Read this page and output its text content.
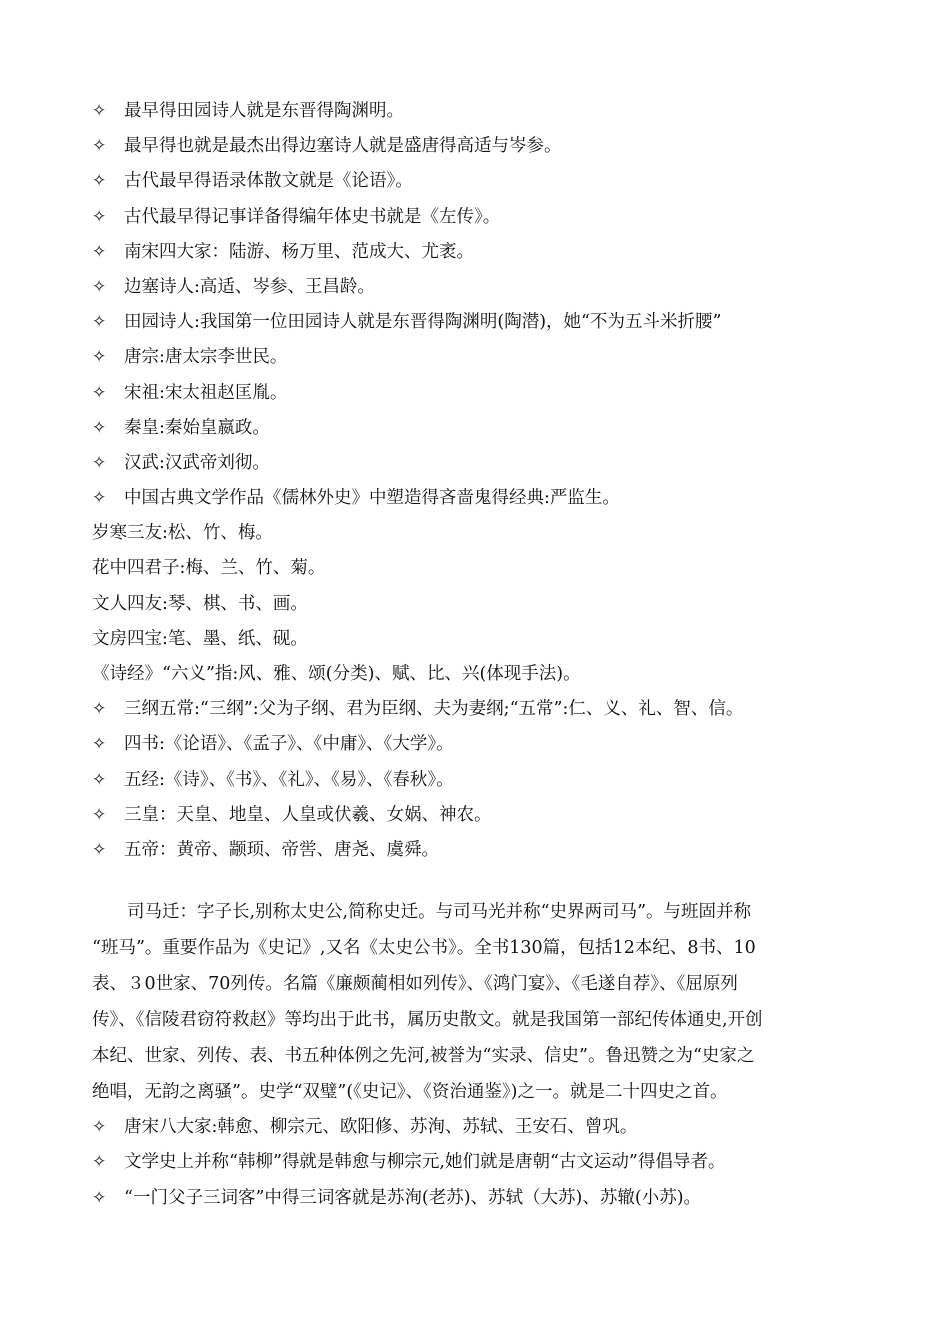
✧	最早得田园诗人就是东晋得陶渊明。
✧	最早得也就是最杰出得边塞诗人就是盛唐得高适与岑参。
✧	古代最早得语录体散文就是《论语》。
✧	古代最早得记事详备得编年体史书就是《左传》。
✧	南宋四大家：陆游、杨万里、范成大、尤袤。
✧	边塞诗人:高适、岑参、王昌龄。
✧	田园诗人:我国第一位田园诗人就是东晋得陶渊明(陶潜)，她“不为五斗米折腰”
✧	唐宗:唐太宗李世民。
✧	宋祖:宋太祖赵匡胤。
✧	秦皇:秦始皇嬴政。
✧	汉武:汉武帝刘彻。
✧	中国古典文学作品《儒林外史》中塑造得吝啬鬼得经典:严监生。
岁寒三友:松、竹、梅。
花中四君子:梅、兰、竹、菊。
文人四友:琴、棋、书、画。
文房四宝:笔、墨、纸、砚。
《诗经》“六义”指:风、雅、颂(分类)、赋、比、兴(体现手法)。
✧	三纲五常:“三纲”:父为子纲、君为臣纲、夫为妻纲;“五常”:仁、义、礼、智、信。
✧	四书:《论语》、《孟子》、《中庸》、《大学》。
✧	五经:《诗》、《书》、《礼》、《易》、《春秋》。
✧	三皇：天皇、地皇、人皇或伏羲、女娲、神农。
✧	五帝：黄帝、颛顼、帝喾、唐尧、虞舜。
司马迁：字子长,别称太史公,简称史迁。与司马光并称“史界两司马”。与班固并称
“班马”。重要作品为《史记》,又名《太史公书》。全书130篇，包括12本纪、8书、10
表、３0世家、70列传。名篇《廉颇蔺相如列传》、《鸿门宴》、《毛遂自荐》、《屈原列
传》、《信陵君窃符救赵》等均出于此书，属历史散文。就是我国第一部纪传体通史,开创
本纪、世家、列传、表、书五种体例之先河,被誉为“实录、信史”。鲁迅赞之为“史家之
绝唱，无韵之离骚”。史学“双璧”(《史记》、《资治通鉴》)之一。就是二十四史之首。
✧	唐宋八大家:韩愈、柳宗元、欧阳修、苏洵、苏轼、王安石、曾巩。
✧	文学史上并称“韩柳”得就是韩愈与柳宗元,她们就是唐朝“古文运动”得倡导者。
✧	“一门父子三词客”中得三词客就是苏洵(老苏)、苏轼（大苏)、苏辙(小苏)。
